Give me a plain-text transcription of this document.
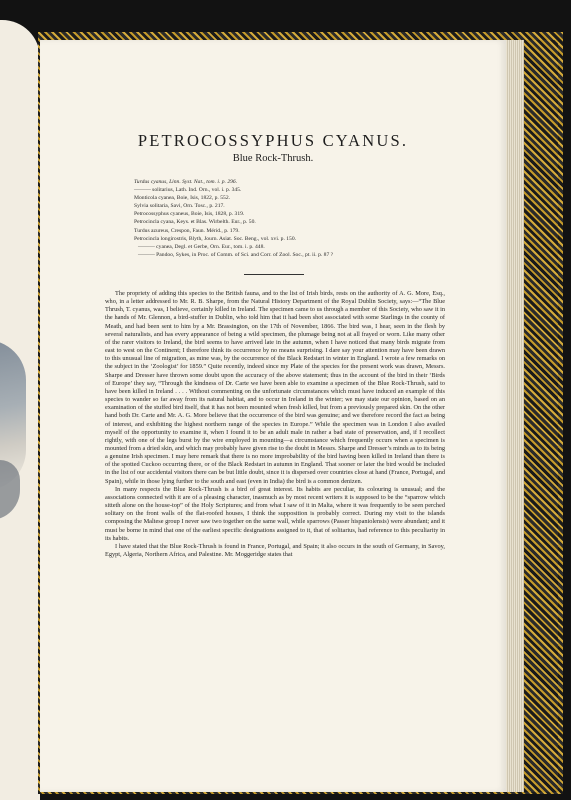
PETROCOSSYPHUS CYANUS.
Blue Rock-Thrush.
Turdus cyanus, Linn. Syst. Nat., tom. i. p. 296.
——— solitarius, Lath. Ind. Orn., vol. i. p. 345.
Monticola cyanea, Boie, Isis, 1822, p. 552.
Sylvia solitaria, Savi, Orn. Tosc., p. 217.
Petrocossyphus cyaneus, Boie, Isis, 1828, p. 319.
Petrocincla cyana, Keys. et Blas. Wirbelth. Eur., p. 50.
Turdus azureus, Crespon, Faun. Mérid., p. 179.
Petrocincla longirostris, Blyth, Journ. Asiat. Soc. Beng., vol. xvi. p. 150.
——— cyanea, Degl. et Gerbe, Orn. Eur., tom. i. p. 448.
——— Pandoo, Sykes, in Proc. of Comm. of Sci. and Corr. of Zool. Soc., pt. ii. p. 87 ?

The propriety of adding this species to the British fauna, and to the list of Irish birds, rests on the authority of A. G. More, Esq., who, in a letter addressed to Mr. R. B. Sharpe, from the Natural History Department of the Royal Dublin Society, says:—“The Blue Thrush, T. cyanus, was, I believe, certainly killed in Ireland. The specimen came to us through a member of this Society, who saw it in the hands of Mr. Glennon, a bird-stuffer in Dublin, who told him that it had been shot associated with some Starlings in the county of Meath, and had been sent to him by a Mr. Brassington, on the 17th of November, 1866. The bird was, I hear, seen in the flesh by several naturalists, and has every appearance of being a wild specimen, the plumage being not at all frayed or worn. Like many other of the rarer visitors to Ireland, the bird seems to have arrived late in the autumn, when I have noticed that many birds migrate from east to west on the Continent; I therefore think its occurrence by no means surprising. I dare say your attention may have been drawn to this unusual line of migration, as mine was, by the occurrence of the Black Redstart in winter in England. I wrote a few remarks on the subject in the ‘Zoologist’ for 1859.” Quite recently, indeed since my Plate of the species for the present work was drawn, Messrs. Sharpe and Dresser have thrown some doubt upon the accuracy of the above statement; thus in the account of the bird in their ‘Birds of Europe’ they say, “Through the kindness of Dr. Carte we have been able to examine a specimen of the Blue Rock-Thrush, said to have been killed in Ireland . . . . Without commenting on the unfortunate circumstances which must have induced an example of this species to wander so far away from its natural habitat, and to occur in Ireland in the winter; we may state our opinion, based on an examination of the stuffed bird itself, that it has not been mounted when fresh killed, but from a previously prepared skin. On the other hand both Dr. Carte and Mr. A. G. More believe that the occurrence of the bird was genuine; and we therefore record the fact as being of interest, and exhibiting the highest northern range of the species in Europe.” While the specimen was in London I also availed myself of the opportunity to examine it, when I found it to be an adult male in rather a bad state of preservation, and, if I recollect rightly, with one of the legs burst by the wire employed in mounting—a circumstance which frequently occurs when a specimen is mounted from a dried skin, and which may probably have given rise to the doubt in Messrs. Sharpe and Dresser’s minds as to its being a genuine Irish specimen. I may here remark that there is no more improbability of the bird having been killed in Ireland than there is of the spotted Cuckoo occurring there, or of the Black Redstart in autumn in England. That sooner or later the bird would be included in the list of our accidental visitors there can be but little doubt, since it is dispersed over countries close at hand (France, Portugal, and Spain), while in those lying further to the south and east (even in India) the bird is a common denizen.

In many respects the Blue Rock-Thrush is a bird of great interest. Its habits are peculiar, its colouring is unusual; and the associations connected with it are of a pleasing character, inasmuch as by most recent writers it is supposed to be the “sparrow which sitteth alone on the house-top” of the Holy Scriptures; and from what I saw of it in Malta, where it was frequently to be seen perched solitary on the front walls of the flat-roofed houses, I think the supposition is probably correct. During my visit to the islands composing the Maltese group I never saw two together on the same wall, while sparrows (Passer hispaniolensis) were abundant; and it must be borne in mind that one of the earliest specific designations assigned to it, that of solitarius, had reference to this peculiarity in its habits.

I have stated that the Blue Rock-Thrush is found in France, Portugal, and Spain; it also occurs in the south of Germany, in Savoy, Egypt, Algeria, Northern Africa, and Palestine. Mr. Moggeridge states that
